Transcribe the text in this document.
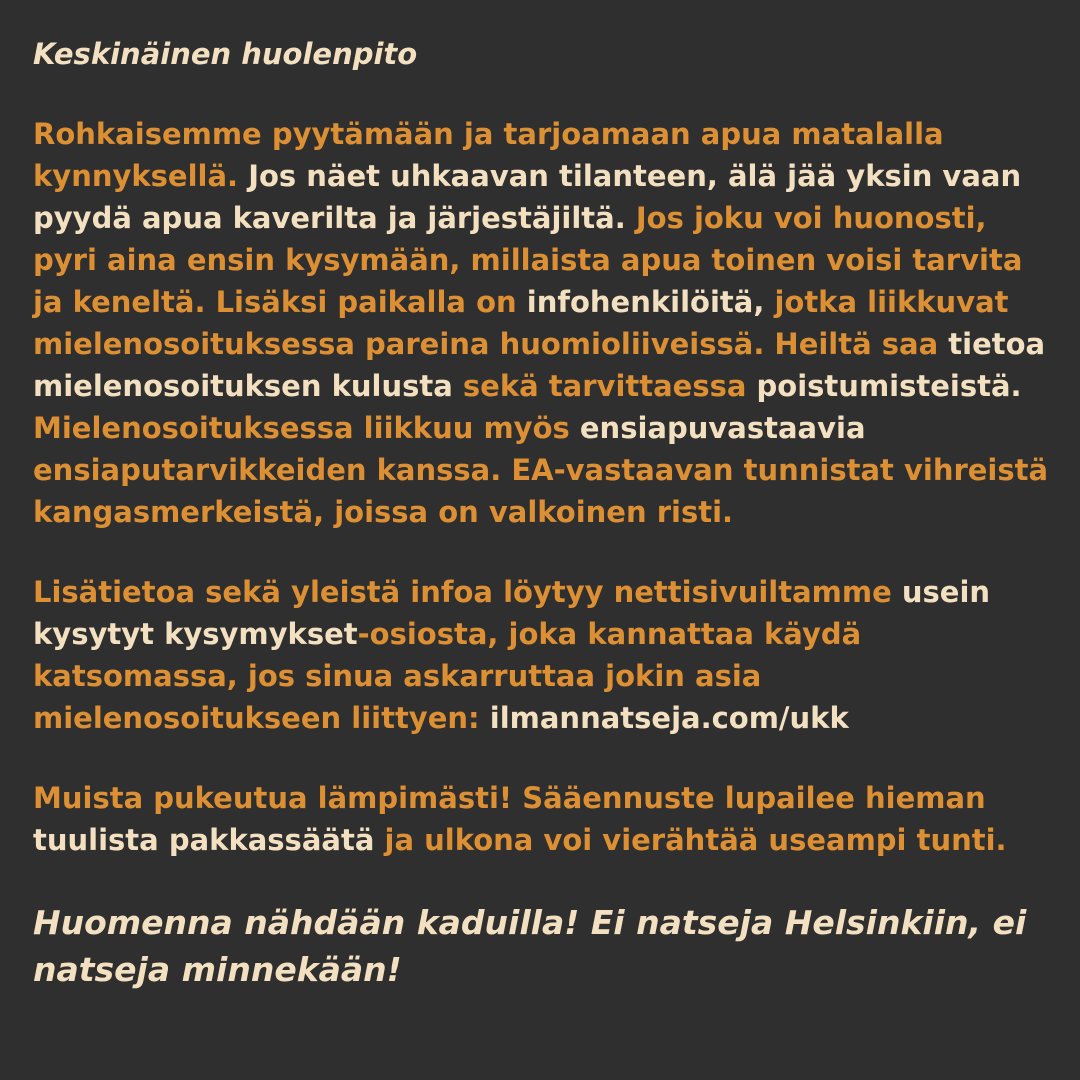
Keskinäinen huolenpito

Rohkaisemme pyytämään ja tarjoamaan apua matalalla kynnyksellä. Jos näet uhkaavan tilanteen, älä jää yksin vaan pyydä apua kaverilta ja järjestäjiltä. Jos joku voi huonosti, pyri aina ensin kysymään, millaista apua toinen voisi tarvita ja keneltä. Lisäksi paikalla on infohenkilöitä, jotka liikkuvat mielenosoituksessa pareina huomioliiveissä. Heiltä saa tietoa mielenosoituksen kulusta sekä tarvittaessa poistumisteistä. Mielenosoituksessa liikkuu myös ensiapuvastaavia ensiaputarvikkeiden kanssa. EA-vastaavan tunnistat vihreistä kangasmerkeistä, joissa on valkoinen risti.

Lisätietoa sekä yleistä infoa löytyy nettisivuiltamme usein kysytyt kysymykset-osiosta, joka kannattaa käydä katsomassa, jos sinua askarruttaa jokin asia mielenosoitukseen liittyen: ilmannatseja.com/ukk

Muista pukeutua lämpimästi! Sääennuste lupailee hieman tuulista pakkassäätä ja ulkona voi vierähtää useampi tunti.

Huomenna nähdään kaduilla! Ei natseja Helsinkiin, ei natseja minnekään!
